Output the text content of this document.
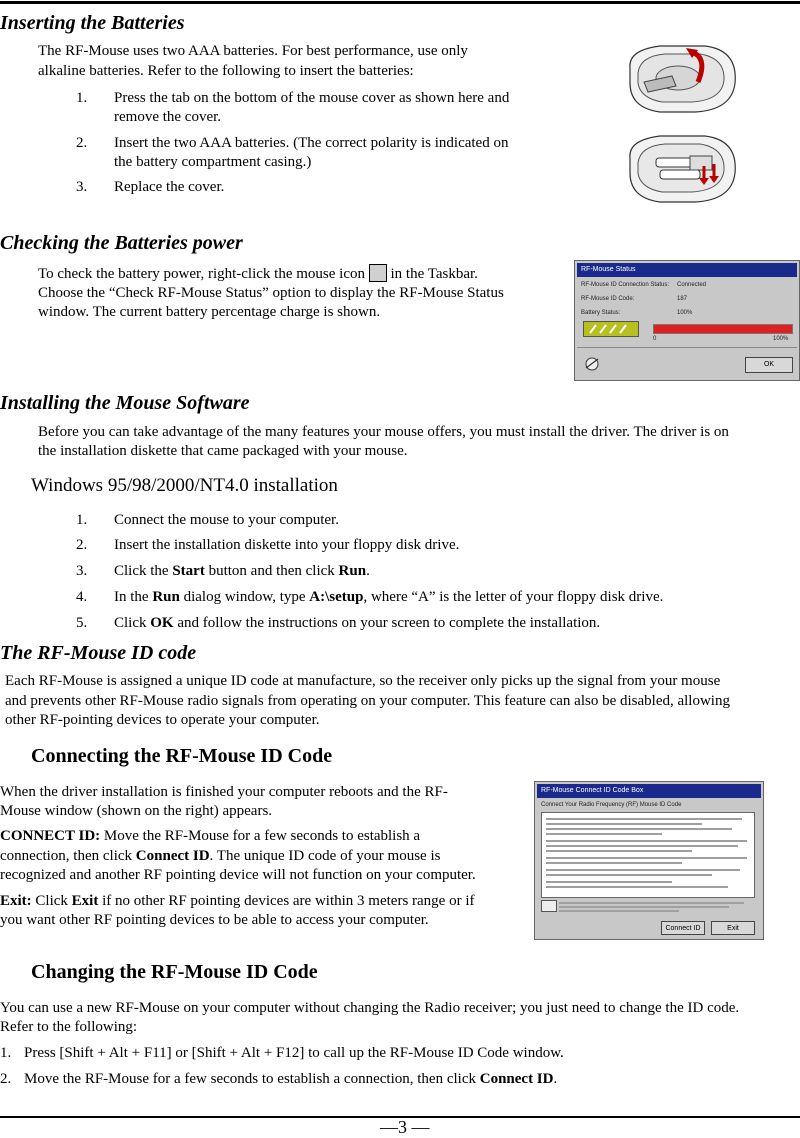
Inserting the Batteries

The RF-Mouse uses two AAA batteries. For best performance, use only

alkaline batteries. Refer to the following to insert the batteries:

1. Press the tab on the bottom of the mouse cover as shown here and
remove the cover.
2. Insert the two AAA batteries. (The correct polarity is indicated on
the battery compartment casing.)
3. Replace the cover.
Checking the Batteries power

To check the battery power, right-click the mouse icon in the Taskbar.

Choose the “Check RF-Mouse Status” option to display the RF-Mouse Status

window. The current battery percentage charge is shown.

RF-Mouse Status
RF-Mouse ID Connection Status: Connected
RF-Mouse ID Code:	187
Battery Status:	100%
0	100%
OK
Installing the Mouse Software

Before you can take advantage of the many features your mouse offers, you must install the driver. The driver is on

the installation diskette that came packaged with your mouse.

Windows 95/98/2000/NT4.0 installation
1. Connect the mouse to your computer.
2. Insert the installation diskette into your floppy disk drive.
3. Click the Start button and then click Run.
4. In the Run dialog window, type A:\setup, where “A” is the letter of your floppy disk drive.
5. Click OK and follow the instructions on your screen to complete the installation.
The RF-Mouse ID code

Each RF-Mouse is assigned a unique ID code at manufacture, so the receiver only picks up the signal from your mouse

and prevents other RF-Mouse radio signals from operating on your computer. This feature can also be disabled, allowing

other RF-pointing devices to operate your computer.

Connecting the RF-Mouse ID Code

When the driver installation is finished your computer reboots and the RF-

Mouse window (shown on the right) appears.

CONNECT ID: Move the RF-Mouse for a few seconds to establish a

connection, then click Connect ID. The unique ID code of your mouse is

recognized and another RF pointing device will not function on your computer.

Exit: Click Exit if no other RF pointing devices are within 3 meters range or if

you want other RF pointing devices to be able to access your computer.

RF-Mouse Connect ID Code Box
Connect Your Radio Frequency (RF) Mouse ID Code
Connect ID	Exit
Changing the RF-Mouse ID Code

You can use a new RF-Mouse on your computer without changing the Radio receiver; you just need to change the ID code.

Refer to the following:

1. Press [Shift + Alt + F11] or [Shift + Alt + F12] to call up the RF-Mouse ID Code window.
2. Move the RF-Mouse for a few seconds to establish a connection, then click Connect ID.
—3 —
